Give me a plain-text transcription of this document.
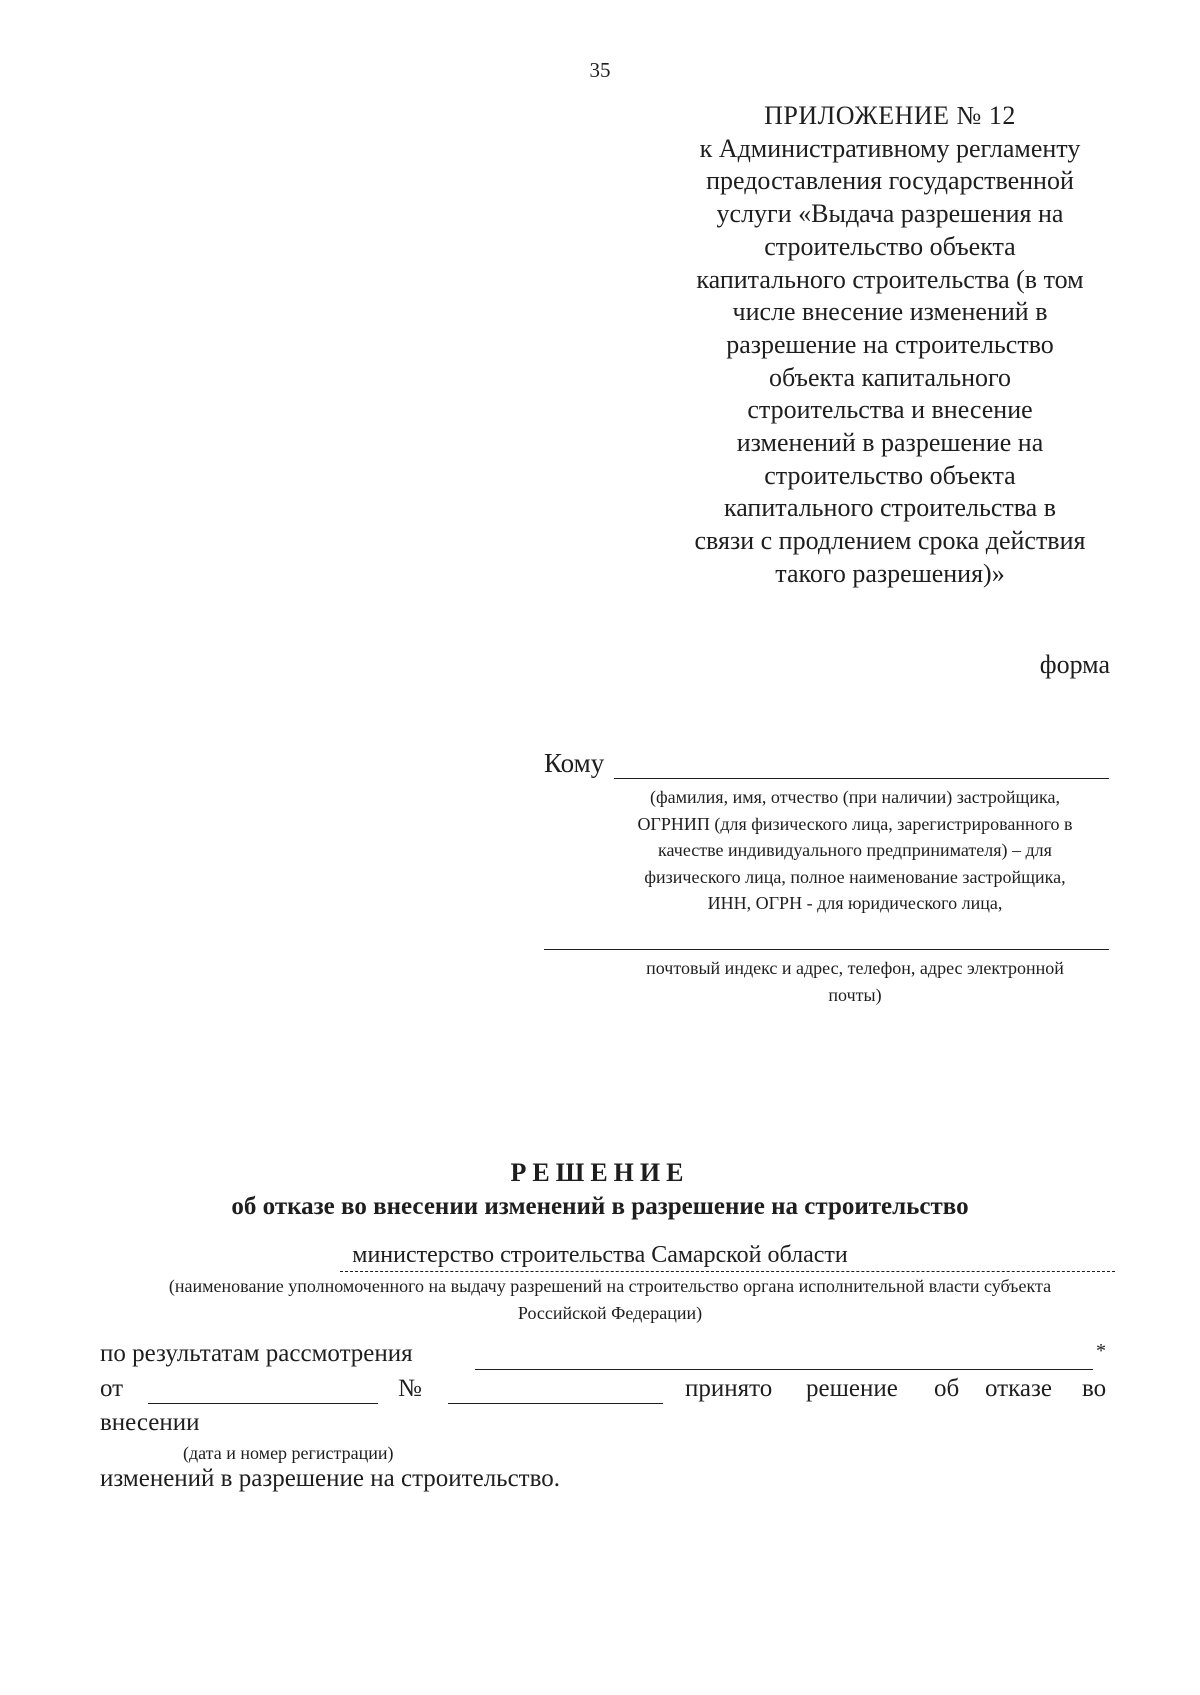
35
ПРИЛОЖЕНИЕ № 12
к Административному регламенту
предоставления государственной
услуги «Выдача разрешения на
строительство объекта
капитального строительства (в том
числе внесение изменений в
разрешение на строительство
объекта капитального
строительства и внесение
изменений в разрешение на
строительство объекта
капитального строительства в
связи с продлением срока действия
такого разрешения)»
форма
Кому
(фамилия, имя, отчество (при наличии) застройщика,
ОГРНИП (для физического лица, зарегистрированного в
качестве индивидуального предпринимателя) – для
физического лица, полное наименование застройщика,
ИНН, ОГРН - для юридического лица,
почтовый индекс и адрес, телефон, адрес электронной
почты)
РЕШЕНИЕ
об отказе во внесении изменений в разрешение на строительство
министерство строительства Самарской области
(наименование уполномоченного на выдачу разрешений на строительство органа исполнительной власти субъекта
Российской Федерации)
по результатам рассмотрения	*
от	№	принято решение об отказе во
внесении
(дата и номер регистрации)
изменений в разрешение на строительство.
